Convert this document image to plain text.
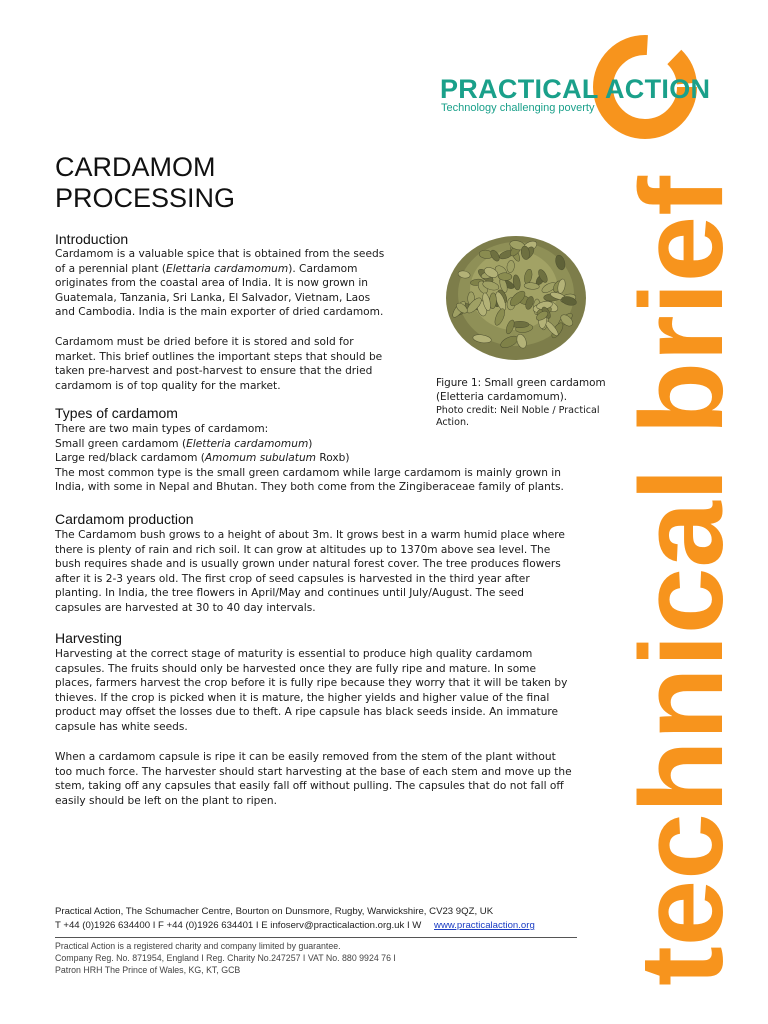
PRACTICAL ACTION
Technology challenging poverty
technical brief
CARDAMOM
PROCESSING
Introduction
Cardamom is a valuable spice that is obtained from the seeds
of a perennial plant (Elettaria cardamomum). Cardamom
originates from the coastal area of India. It is now grown in
Guatemala, Tanzania, Sri Lanka, El Salvador, Vietnam, Laos
and Cambodia. India is the main exporter of dried cardamom.
Cardamom must be dried before it is stored and sold for
market. This brief outlines the important steps that should be
taken pre-harvest and post-harvest to ensure that the dried
cardamom is of top quality for the market.	Figure 1: Small green cardamom
(Eletteria cardamomum).
Photo credit: Neil Noble / Practical
Action.
Types of cardamom
There are two main types of cardamom:
Small green cardamom (Eletteria cardamomum)
Large red/black cardamom (Amomum subulatum Roxb)
The most common type is the small green cardamom while large cardamom is mainly grown in
India, with some in Nepal and Bhutan. They both come from the Zingiberaceae family of plants.
Cardamom production
The Cardamom bush grows to a height of about 3m. It grows best in a warm humid place where
there is plenty of rain and rich soil. It can grow at altitudes up to 1370m above sea level. The
bush requires shade and is usually grown under natural forest cover. The tree produces flowers
after it is 2-3 years old. The first crop of seed capsules is harvested in the third year after
planting. In India, the tree flowers in April/May and continues until July/August. The seed
capsules are harvested at 30 to 40 day intervals.
Harvesting
Harvesting at the correct stage of maturity is essential to produce high quality cardamom
capsules. The fruits should only be harvested once they are fully ripe and mature. In some
places, farmers harvest the crop before it is fully ripe because they worry that it will be taken by
thieves. If the crop is picked when it is mature, the higher yields and higher value of the final
product may offset the losses due to theft. A ripe capsule has black seeds inside. An immature
capsule has white seeds.
When a cardamom capsule is ripe it can be easily removed from the stem of the plant without
too much force. The harvester should start harvesting at the base of each stem and move up the
stem, taking off any capsules that easily fall off without pulling. The capsules that do not fall off
easily should be left on the plant to ripen.
Practical Action, The Schumacher Centre, Bourton on Dunsmore, Rugby, Warwickshire, CV23 9QZ, UK
T +44 (0)1926 634400 I F +44 (0)1926 634401 I E infoserv@practicalaction.org.uk I W www.practicalaction.org
Practical Action is a registered charity and company limited by guarantee.
Company Reg. No. 871954, England I Reg. Charity No.247257 I VAT No. 880 9924 76 I
Patron HRH The Prince of Wales, KG, KT, GCB
